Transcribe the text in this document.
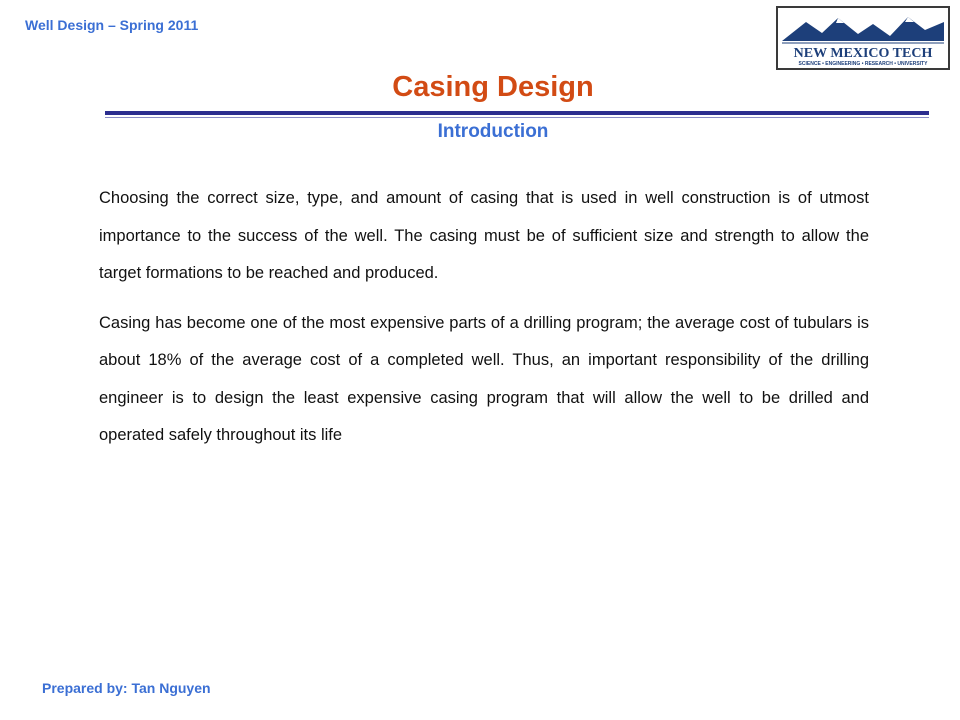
Well Design – Spring 2011
NEW MEXICO TECH
SCIENCE • ENGINEERING • RESEARCH • UNIVERSITY
Casing Design
Introduction

Choosing the correct size, type, and amount of casing that is used in well construction is of utmost importance to the success of the well. The casing must be of sufficient size and strength to allow the target formations to be reached and produced.

Casing has become one of the most expensive parts of a drilling program; the average cost of tubulars is about 18% of the average cost of a completed well. Thus, an important responsibility of the drilling engineer is to design the least expensive casing program that will allow the well to be drilled and operated safely throughout its life

Prepared by: Tan Nguyen
